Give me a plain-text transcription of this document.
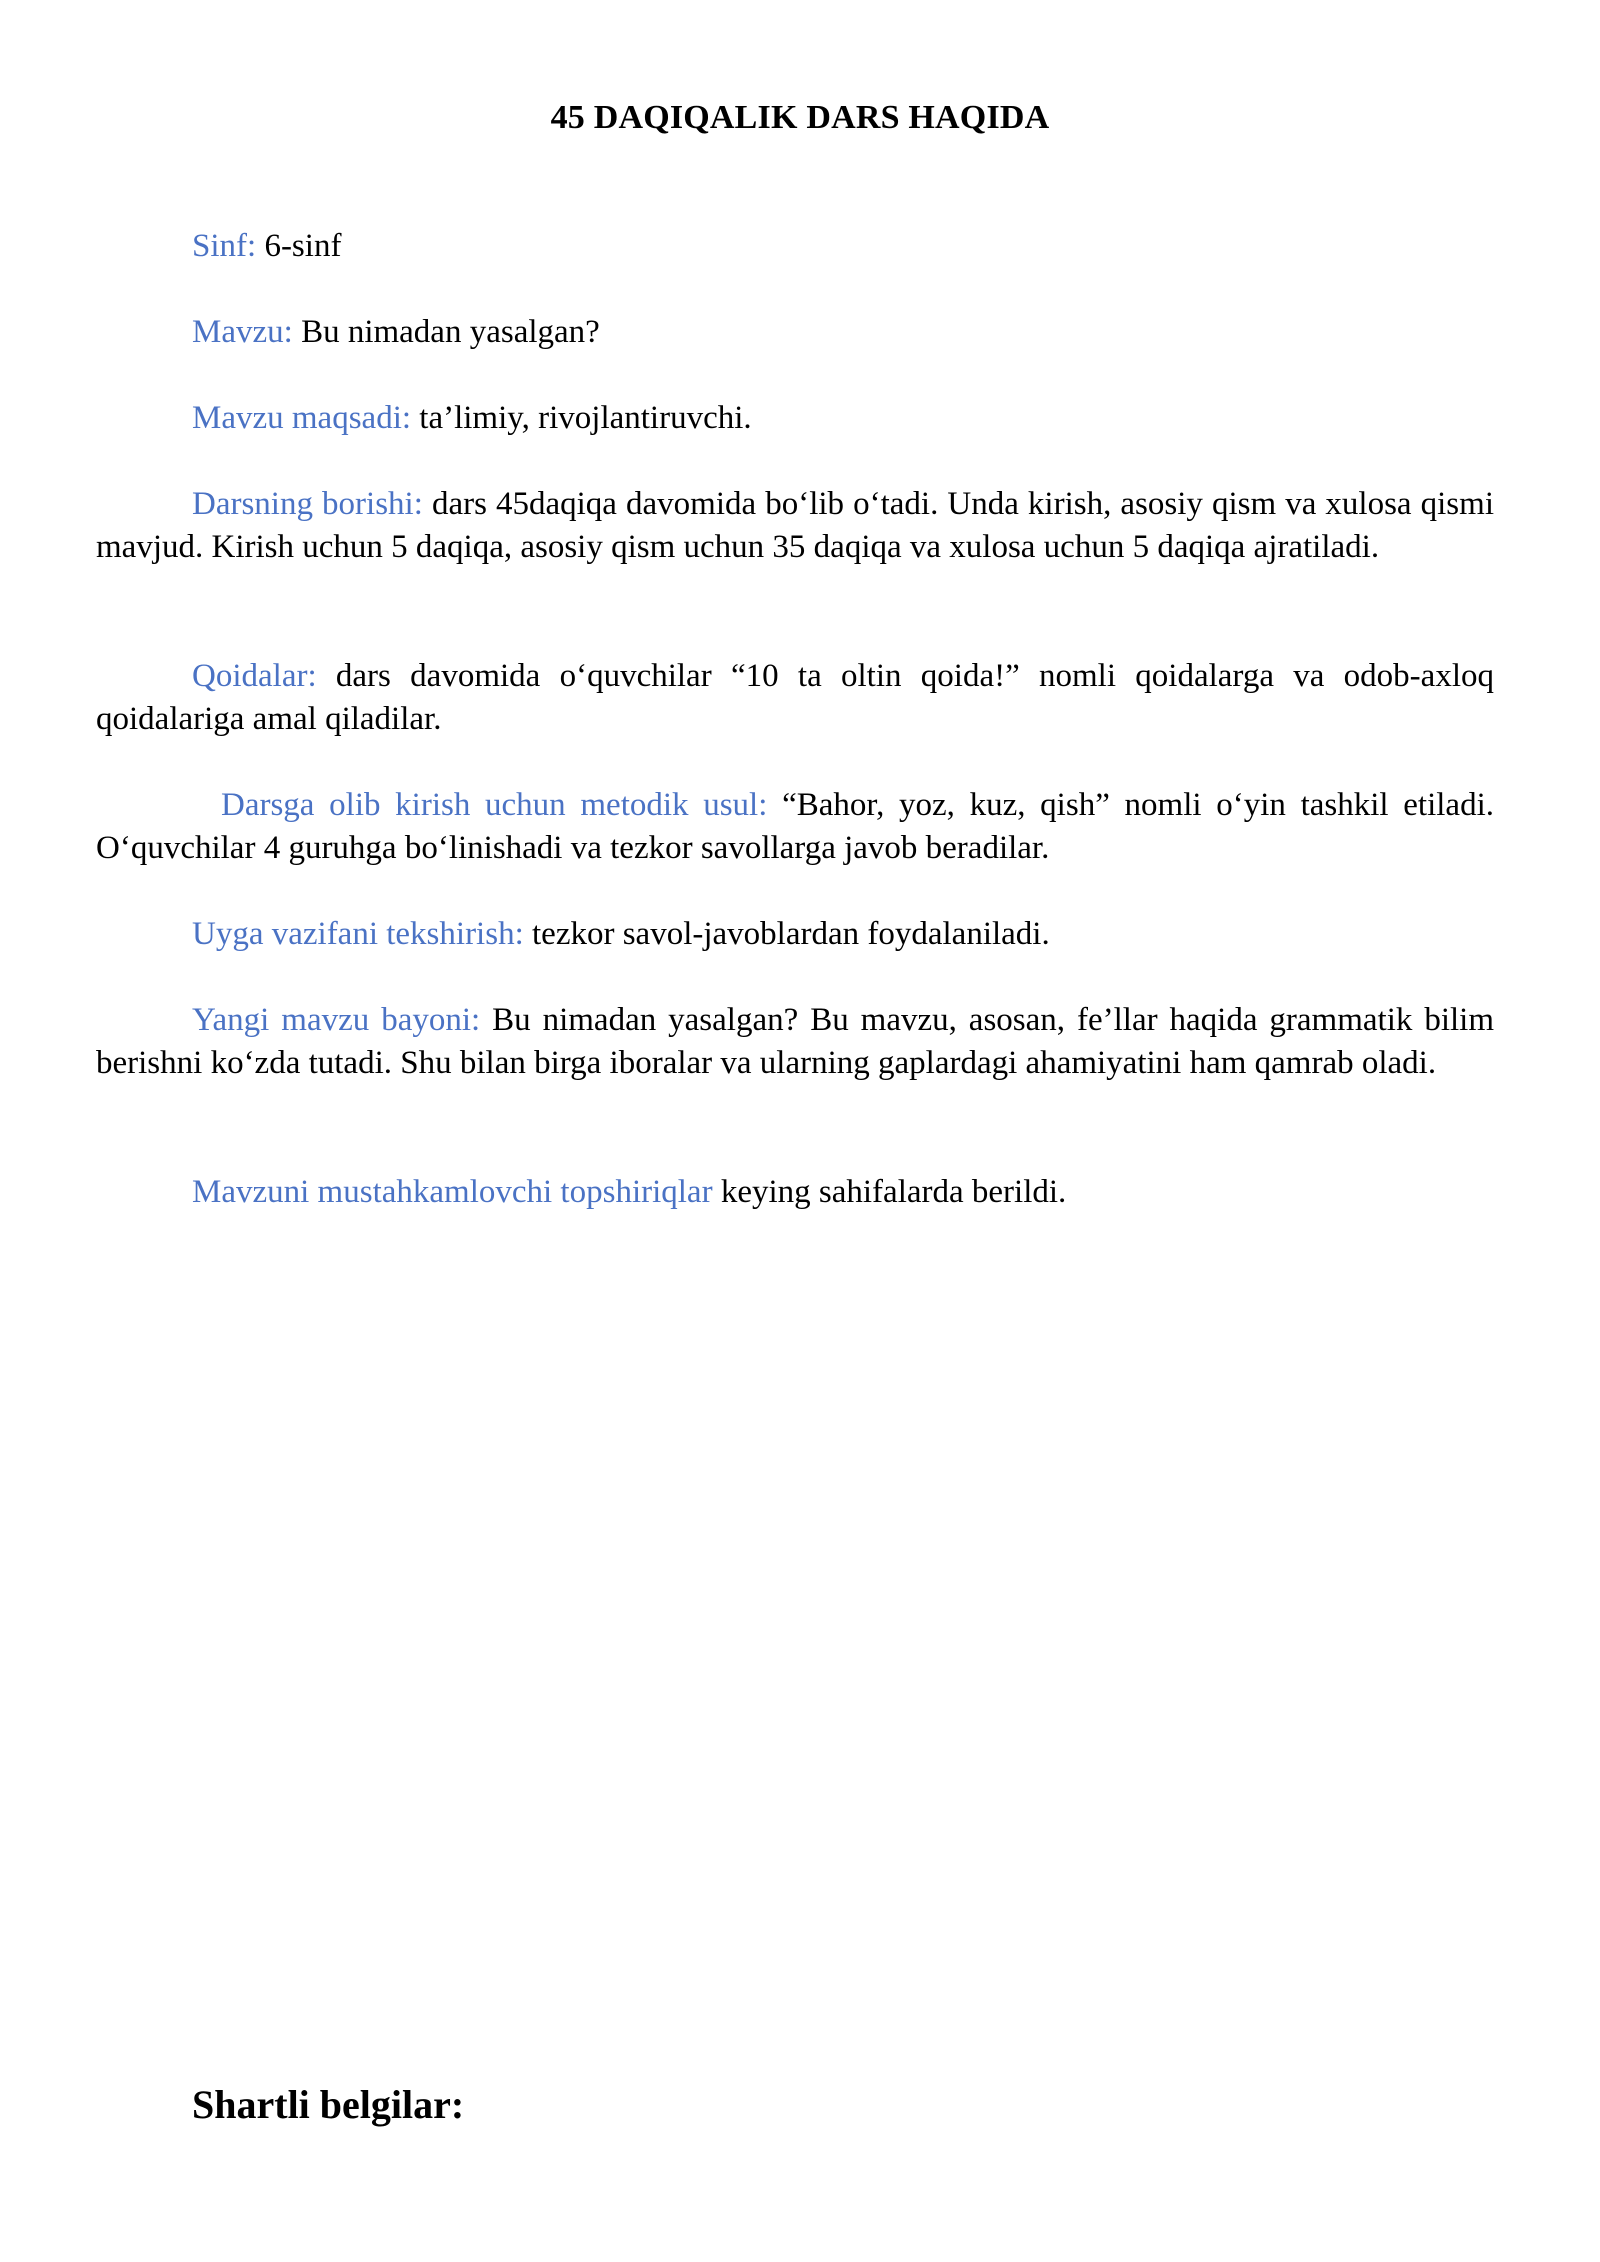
45 DAQIQALIK DARS HAQIDA

Sinf: 6-sinf

Mavzu: Bu nimadan yasalgan?

Mavzu maqsadi: ta’limiy, rivojlantiruvchi.

Darsning borishi: dars 45daqiqa davomida bo‘lib o‘tadi. Unda kirish, asosiy qism va xulosa qismi mavjud. Kirish uchun 5 daqiqa, asosiy qism uchun 35 daqiqa va xulosa uchun 5 daqiqa ajratiladi.

Qoidalar: dars davomida o‘quvchilar “10 ta oltin qoida!” nomli qoidalarga va odob-axloq qoidalariga amal qiladilar.

Darsga olib kirish uchun metodik usul: “Bahor, yoz, kuz, qish” nomli o‘yin tashkil etiladi. O‘quvchilar 4 guruhga bo‘linishadi va tezkor savollarga javob beradilar.

Uyga vazifani tekshirish: tezkor savol-javoblardan foydalaniladi.

Yangi mavzu bayoni: Bu nimadan yasalgan? Bu mavzu, asosan, fe’llar haqida grammatik bilim berishni ko‘zda tutadi. Shu bilan birga iboralar va ularning gaplardagi ahamiyatini ham qamrab oladi.

Mavzuni mustahkamlovchi topshiriqlar keying sahifalarda berildi.

Shartli belgilar:
